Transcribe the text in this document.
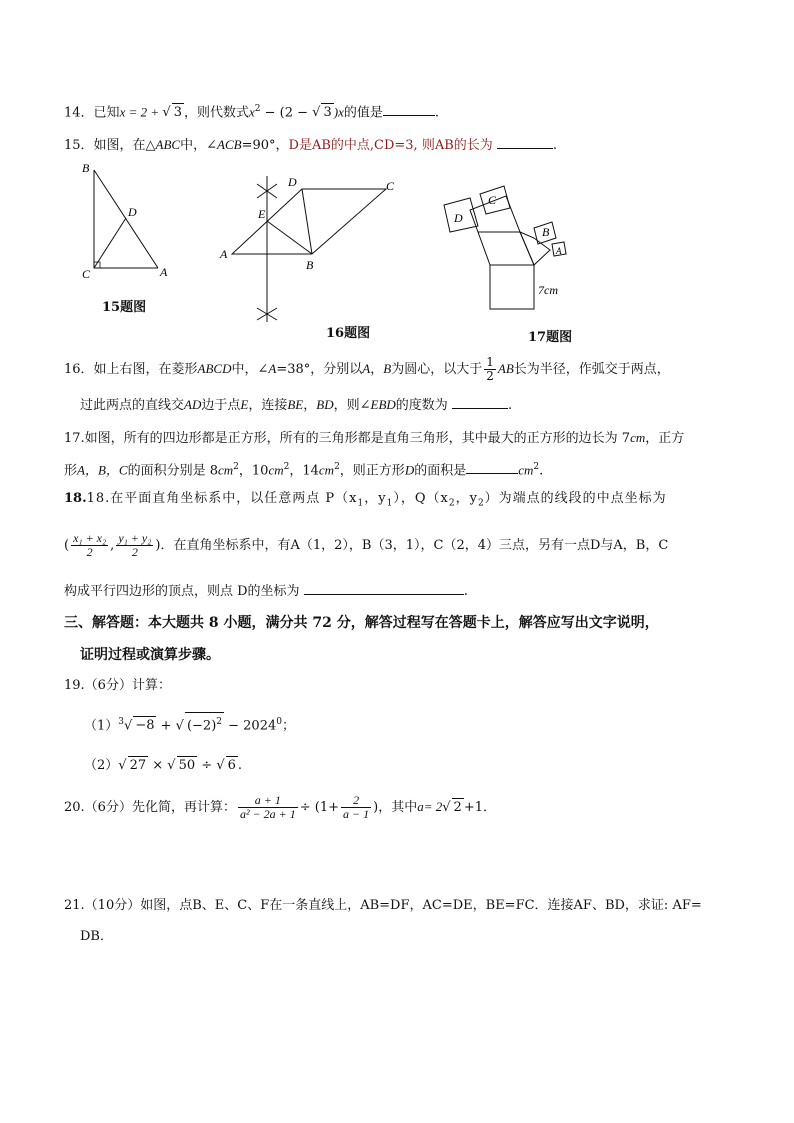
14．已知x = 2 + √ 3 ，则代数式$x^2 - (2$ − √ 3 )x的值是	.
15．如图，在△ABC中，∠ACB=90°，D是AB的中点,CD=3, 则AB的长为	.
B
D
C	A
15题图
D	C
E
A
B
16题图
D
C
B
A
7cm
17题图
16．如上右图，在菱形ABCD中，∠A=38°，分别以A，B为圆心，以大于 $\frac{1}{2}$ AB长为半径，作弧交于两点，
过此两点的直线交AD边于点E，连接BE，BD，则∠EBD的度数为	.
17.如图，所有的四边形都是正方形，所有的三角形都是直角三角形，其中最大的正方形的边长为 7cm，正方
形A，B，C的面积分别是 $8cm^2$，$10cm^2$，$14cm^2$，则正方形D的面积是	$cm^2$.
18.18.在平面直角坐标系中，以任意两点 $P(x_1$，$y_1$），$Q(x_2$，$y_2$）为端点的线段的中点坐标为
( $\frac{\text{x₁ + x₂}}{2}$ , $\frac{\text{y₁ + y₂}}{2}$ )．在直角坐标系中，有A（1，2），B（3，1），C（2，4）三点，另有一点D与A，B，C
构成平行四边形的顶点，则点 D的坐标为	.
三、解答题：本大题共 8 小题，满分共 72 分，解答过程写在答题卡上，解答应写出文字说明，
证明过程或演算步骤。
19.（6分）计算：
$(1)^3√ -8$ + √ $(-2)^2 - 2024^0$；
（2）√ 27 × √ 50 ÷ √ 6 .
20.（6分）先化简，再计算： $\frac{a + 1}{\text{a² − 2a + 1}} \div (1+ \frac{2}{a - 1}$ )，其中a= 2√ 2 +1．
21.（10分）如图，点B、E、C、F在一条直线上，AB=DF，AC=DE，BE=FC．连接AF、BD，求证: AF=
DB．
